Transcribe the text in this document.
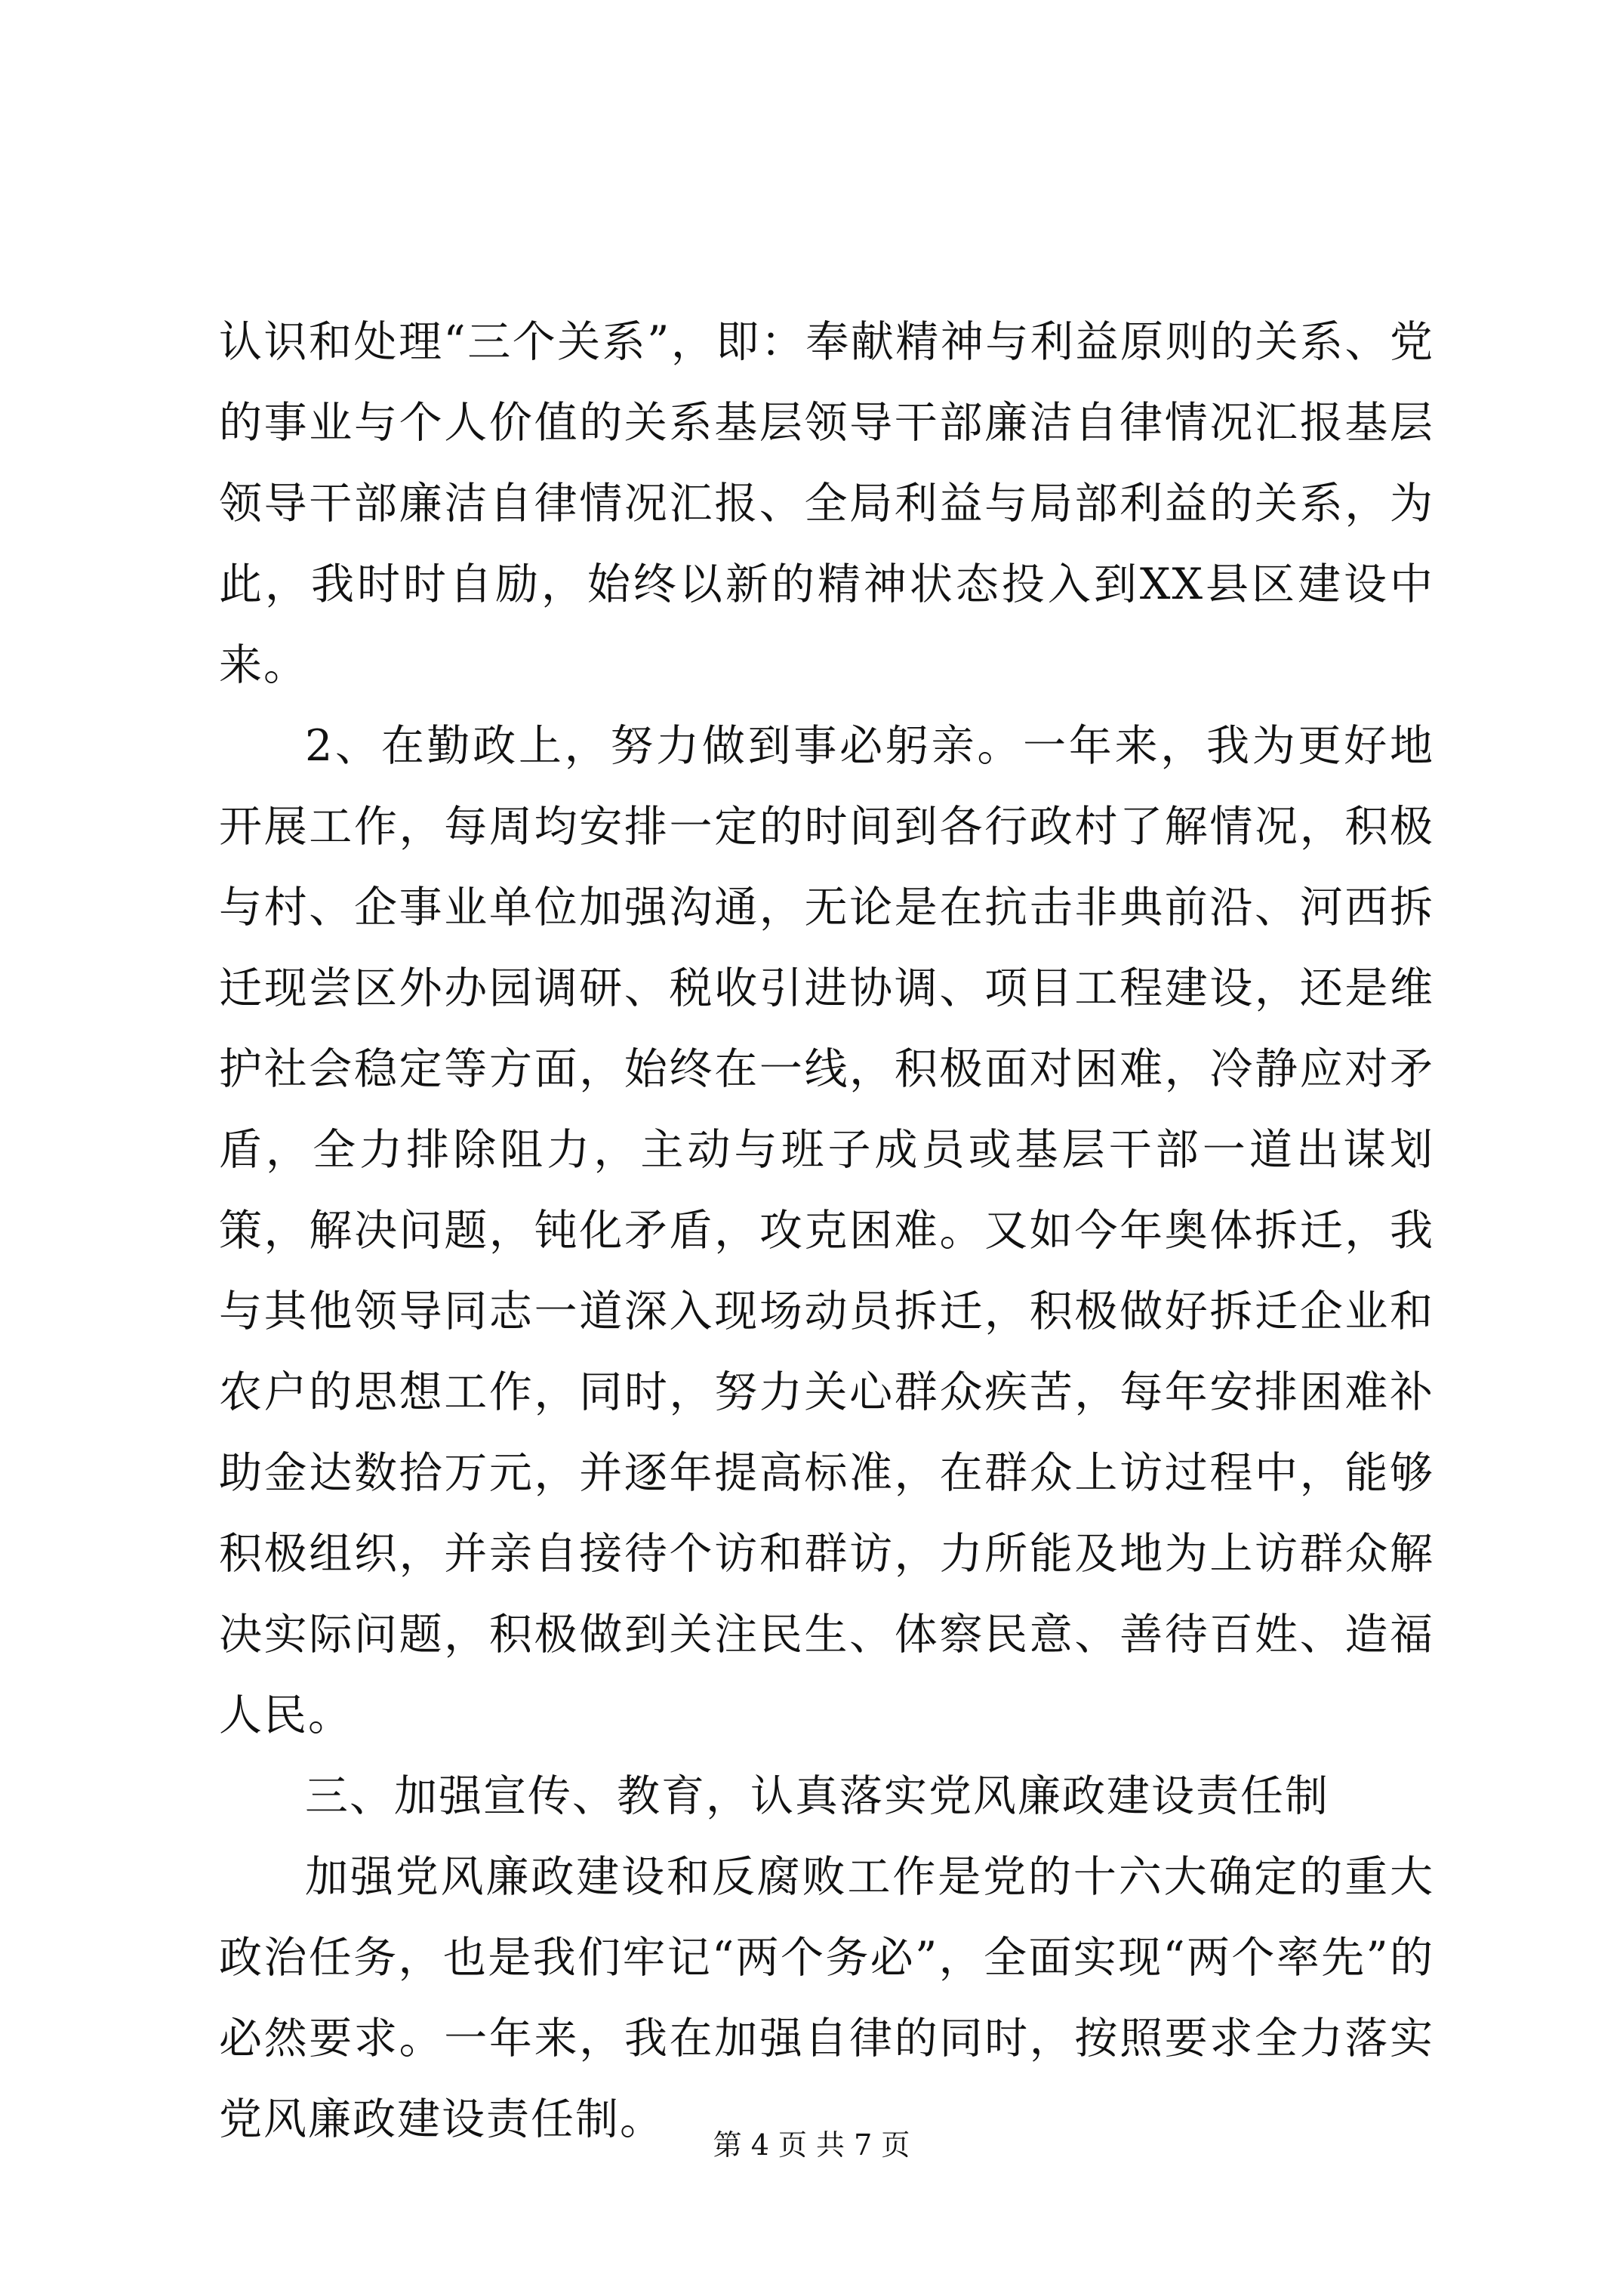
认识和处理“三个关系”，即：奉献精神与利益原则的关系、党的事业与个人价值的关系基层领导干部廉洁自律情况汇报基层领导干部廉洁自律情况汇报、全局利益与局部利益的关系，为此，我时时自励，始终以新的精神状态投入到XX县区建设中来。

2、在勤政上，努力做到事必躬亲。一年来，我为更好地开展工作，每周均安排一定的时间到各行政村了解情况，积极与村、企事业单位加强沟通，无论是在抗击非典前沿、河西拆迁现尝区外办园调研、税收引进协调、项目工程建设，还是维护社会稳定等方面，始终在一线，积极面对困难，冷静应对矛盾，全力排除阻力，主动与班子成员或基层干部一道出谋划策，解决问题，钝化矛盾，攻克困难。又如今年奥体拆迁，我与其他领导同志一道深入现场动员拆迁，积极做好拆迁企业和农户的思想工作，同时，努力关心群众疾苦，每年安排困难补助金达数拾万元，并逐年提高标准，在群众上访过程中，能够积极组织，并亲自接待个访和群访，力所能及地为上访群众解决实际问题，积极做到关注民生、体察民意、善待百姓、造福人民。

三、加强宣传、教育，认真落实党风廉政建设责任制

加强党风廉政建设和反腐败工作是党的十六大确定的重大政治任务，也是我们牢记“两个务必”，全面实现“两个率先”的必然要求。一年来，我在加强自律的同时，按照要求全力落实党风廉政建设责任制。

第 4 页 共 7 页
